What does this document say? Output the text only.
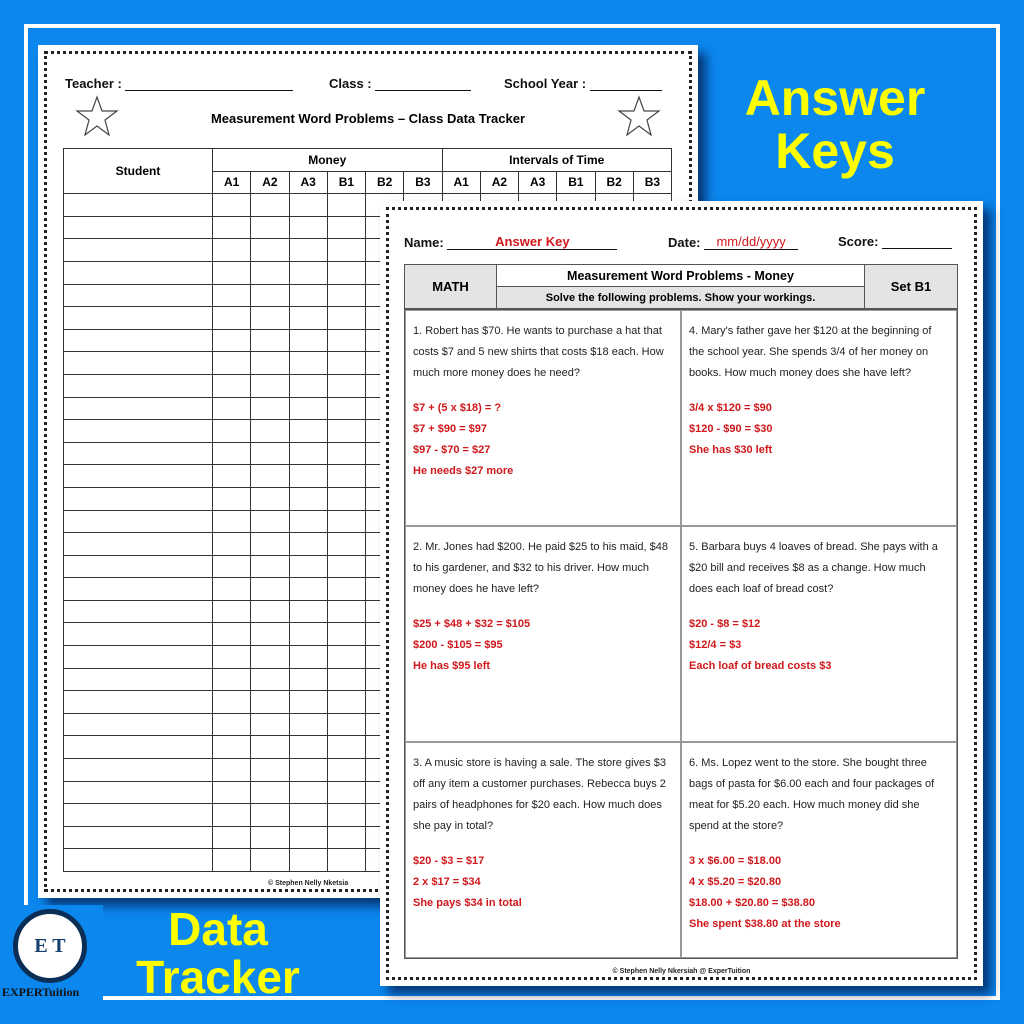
Teacher :	Class :	School Year :
Measurement Word Problems – Class Data Tracker
Student	Money						Intervals of Time					
	A1	A2	A3	B1	B2	B3	A1	A2	A3	B1	B2	B3

© Stephen Nelly Nketsia
Name:	Answer Key	Date: mm/dd/yyyy	Score:
MATH
Measurement Word Problems - Money
Solve the following problems. Show your workings.
Set B1
1. Robert has $70. He wants to purchase a hat that costs $7 and 5 new shirts that costs $18 each. How much more money does he need?
$7 + (5 x $18) = ?
$7 + $90 = $97
$97 - $70 = $27
He needs $27 more
4. Mary's father gave her $120 at the beginning of the school year. She spends 3/4 of her money on books. How much money does she have left?
3/4 x $120 = $90
$120 - $90 = $30
She has $30 left
2. Mr. Jones had $200. He paid $25 to his maid, $48 to his gardener, and $32 to his driver. How much money does he have left?
$25 + $48 + $32 = $105
$200 - $105 = $95
He has $95 left
5. Barbara buys 4 loaves of bread. She pays with a $20 bill and receives $8 as a change. How much does each loaf of bread cost?
$20 - $8 = $12
$12/4 = $3
Each loaf of bread costs $3
3. A music store is having a sale. The store gives $3 off any item a customer purchases. Rebecca buys 2 pairs of headphones for $20 each. How much does she pay in total?
$20 - $3 = $17
2 x $17 = $34
She pays $34 in total
6. Ms. Lopez went to the store. She bought three bags of pasta for $6.00 each and four packages of meat for $5.20 each. How much money did she spend at the store?
3 x $6.00 = $18.00
4 x $5.20 = $20.80
$18.00 + $20.80 = $38.80
She spent $38.80 at the store
© Stephen Nelly Nkersiah @ ExperTuition
Answer
Keys
Data
Tracker
E T
EXPERTuition
